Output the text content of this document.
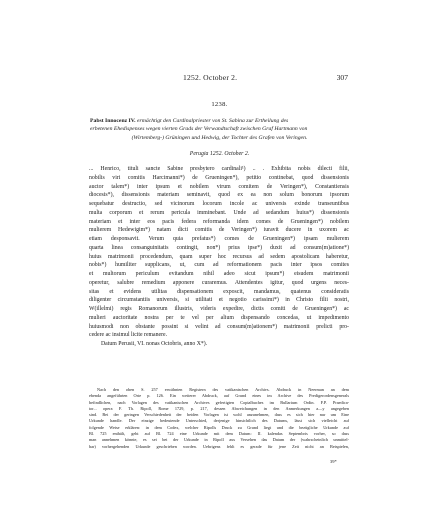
1252. October 2.	307
1238.
Pabst Innocenz IV. ermächtigt den Cardinalpriester von St. Sabina zur Ertheilung des
erbetenen Ehedispenses wegen vierten Grads der Verwandtschaft zwischen Graf Hartmann von
(Wirtemberg-) Grüningen und Hedwig, der Tochter des Grafen von Veringen.
Perugia 1252. October 2.
... Henrico, tituli sancte Sabine presbytero cardinali¹) .. . Exhibita nobis dilecti filii,
nobilis viri comitis Harcimanni*) de Grueningen*), petitio continebat, quod dissensionis
auctor talem*) inter ipsum et nobilem virum comitem de Veringen*), Constantiensis
diocesis*), dissensionis materiam seminavit, quod ex ea non solum bonorum ipsorum
sequebatur destructio, sed vicinorum locorum incole ac universis exinde transeuntibus
multa corporum et rerum pericula imminebant. Unde ad sedandum huius*) dissensionis
materiam et inter eos pacis federa reformanda idem comes de Grueningen*) nobilem
mulierem Hedewigim*) natam dicti comitis de Veringen*) iuravit ducere in uxorem ac
etiam desponsavit. Verum quia prefatus*) comes de Grueningen*) ipsam mulierem
quarta linea consanguinitatis contingit, non*) prius ipse*) duxit ad consum(m)atione*)
huius matrimonii procedendum, quam super hoc recursus ad sedem apostolicam haberetur,
nobis*) humiliter supplicans, ut, cum ad reformationem pacis inter ipsos comites
et multorum periculum evitandum nihil adeo sicut ipsum*) eisudem matrimonii
operetur, salubre remedium apponere curaremus. Attendentes igitur, quod urgens neces-
sitas et evidens utilitas dispensationem exposcit, mandamus, quatenus consideratis
diligenter circumstantiis universis, si utilitati et negotio carissimi*) in Christo filii nostri,
W(illelmi) regis Romanorum illustris, videris expedire, dictis comiti de Grueningen*) ac
mulieri auctoritate nostra per te vel per alium dispensando concedas, ut impedimento
huiusmodi non obstante possint si velint ad consum(m)ationem*) matrimonii prelicti pro-
cedere ac insimul licite remanere.
Datum Perusii, VI. nonas Octobris, anno X*).
Nach den oben S. 257 erwähnten Registern des vatikanischen Archivs. Abdruck in Neerman an dem
ebenda angeführten Orte p. 126. Ein weiterer Abdruck, auf Grund eines im Archive des Predigerordensgenerals
befindlichen, nach Vorlagen des vatikanischen Archives gefertigten Copialbuches im Bullarium Ordin. F.P. Praedica-
tor... opera F. Th. Ripoll, Rome 1729, p. 217, dessen Abweichungen in den Anmerkungen a—y angegeben
sind. Bei der geringen Verschiedenheit der beiden Vorlagen ist wohl anzunehmen, dass es sich hier nur um Eine
Urkunde handle. Der einzige bedeutende Unterschied, derjenige hinsichtlich des Datums, lässt sich vielleicht auf
folgende Weise erklären: in dem Codex, welcher Ripolls Druck zu Grund liegt und die bezügliche Urkunde auf
Bl. 725 enthält, geht auf Bl. 724 eine Urkunde mit dem Datum: II. kalendas Septembris vorher, so dass
man annehmen könnte, es sei bei der Urkunde in Ripoll aus Versehen das Datum der (wahrscheinlich unmittel-
bar) vorhergehenden Urkunde geschrieben worden. Uebrigens fehlt es gerade für jene Zeit nicht an Beispielen,
39*
